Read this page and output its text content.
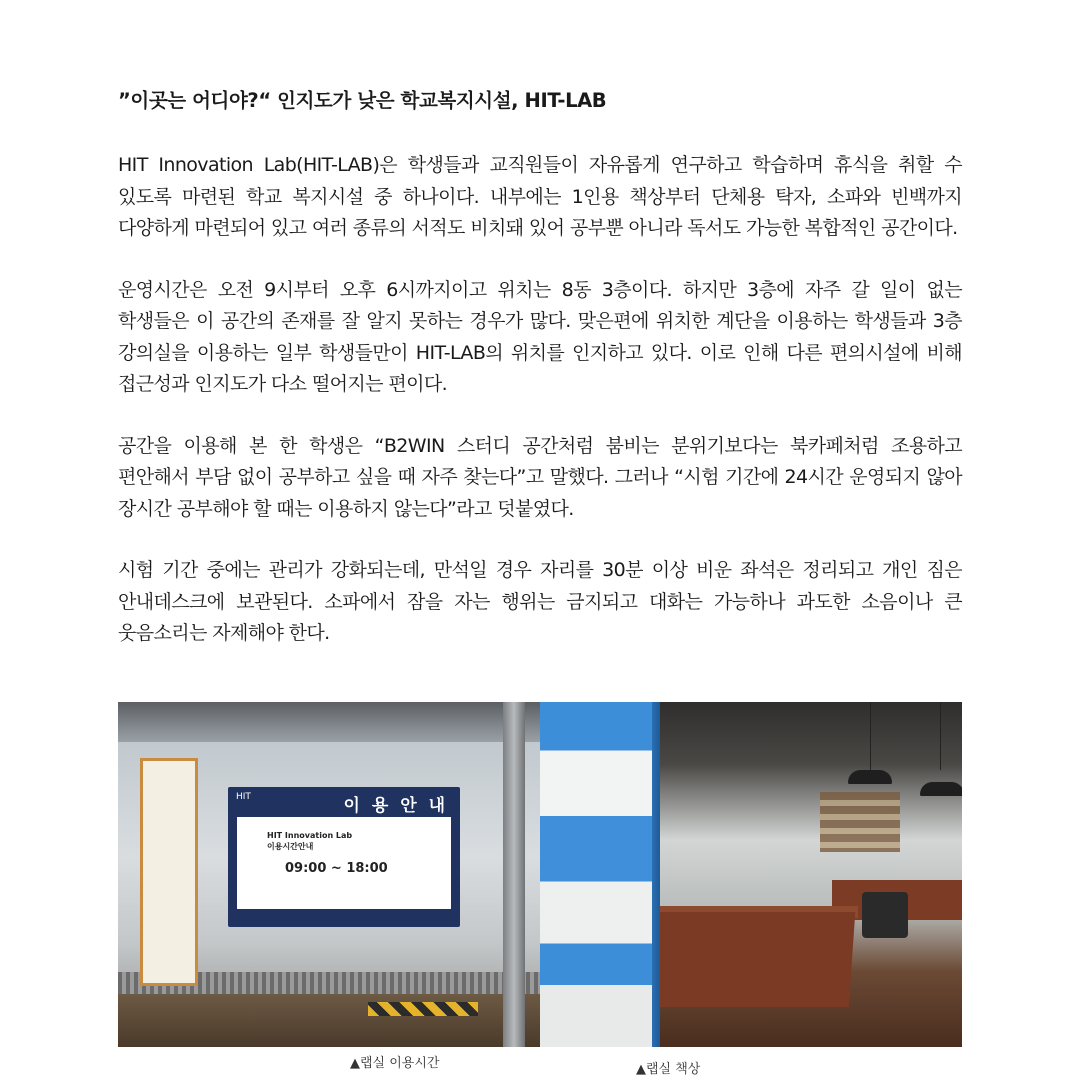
”이곳는 어디야?“ 인지도가 낮은 학교복지시설, HIT-LAB

HIT Innovation Lab(HIT-LAB)은 학생들과 교직원들이 자유롭게 연구하고 학습하며 휴식을 취할 수 있도록 마련된 학교 복지시설 중 하나이다. 내부에는 1인용 책상부터 단체용 탁자, 소파와 빈백까지 다양하게 마련되어 있고 여러 종류의 서적도 비치돼 있어 공부뿐 아니라 독서도 가능한 복합적인 공간이다.

운영시간은 오전 9시부터 오후 6시까지이고 위치는 8동 3층이다. 하지만 3층에 자주 갈 일이 없는 학생들은 이 공간의 존재를 잘 알지 못하는 경우가 많다. 맞은편에 위치한 계단을 이용하는 학생들과 3층 강의실을 이용하는 일부 학생들만이 HIT-LAB의 위치를 인지하고 있다. 이로 인해 다른 편의시설에 비해 접근성과 인지도가 다소 떨어지는 편이다.

공간을 이용해 본 한 학생은 “B2WIN 스터디 공간처럼 붐비는 분위기보다는 북카페처럼 조용하고 편안해서 부담 없이 공부하고 싶을 때 자주 찾는다”고 말했다. 그러나 “시험 기간에 24시간 운영되지 않아 장시간 공부해야 할 때는 이용하지 않는다”라고 덧붙였다.

시험 기간 중에는 관리가 강화되는데, 만석일 경우 자리를 30분 이상 비운 좌석은 정리되고 개인 짐은 안내데스크에 보관된다. 소파에서 잠을 자는 행위는 금지되고 대화는 가능하나 과도한 소음이나 큰 웃음소리는 자제해야 한다.

HIT	이 용 안 내
HIT Innovation Lab
이용시간안내
09:00 ~ 18:00
▲랩실 이용시간	▲랩실 책상
